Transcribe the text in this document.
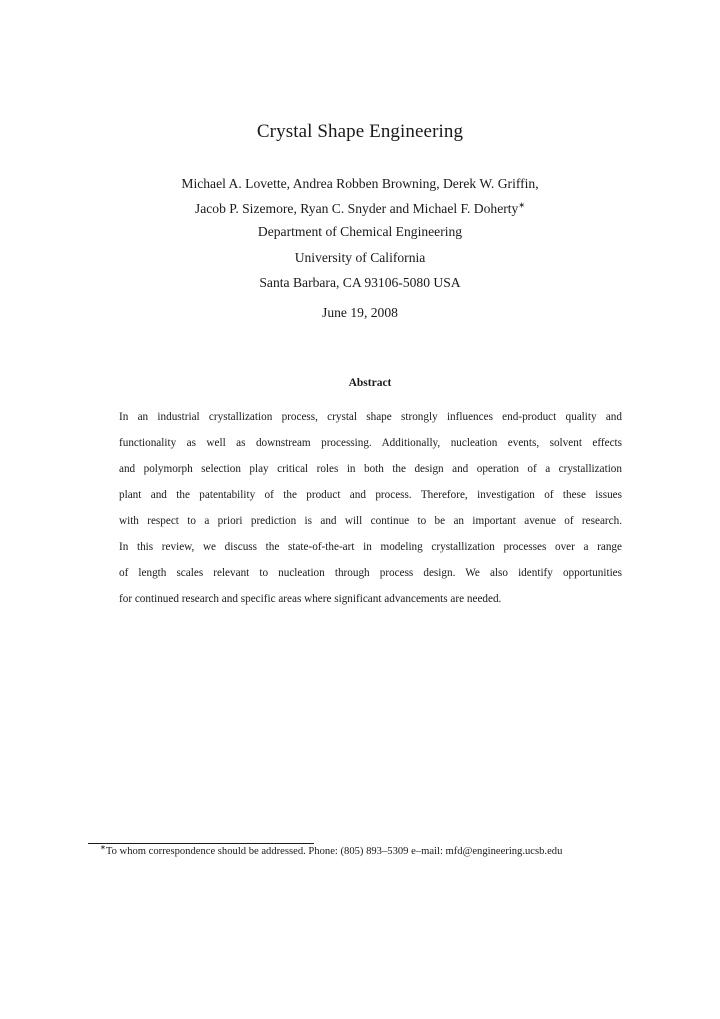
Crystal Shape Engineering
Michael A. Lovette, Andrea Robben Browning, Derek W. Griffin,
Jacob P. Sizemore, Ryan C. Snyder and Michael F. Doherty∗
Department of Chemical Engineering
University of California
Santa Barbara, CA 93106-5080 USA
June 19, 2008
Abstract
In an industrial crystallization process, crystal shape strongly influences end-product quality and
functionality as well as downstream processing. Additionally, nucleation events, solvent effects
and polymorph selection play critical roles in both the design and operation of a crystallization
plant and the patentability of the product and process. Therefore, investigation of these issues
with respect to a priori prediction is and will continue to be an important avenue of research.
In this review, we discuss the state-of-the-art in modeling crystallization processes over a range
of length scales relevant to nucleation through process design. We also identify opportunities
for continued research and specific areas where significant advancements are needed.
∗To whom correspondence should be addressed. Phone: (805) 893–5309 e–mail: mfd@engineering.ucsb.edu
